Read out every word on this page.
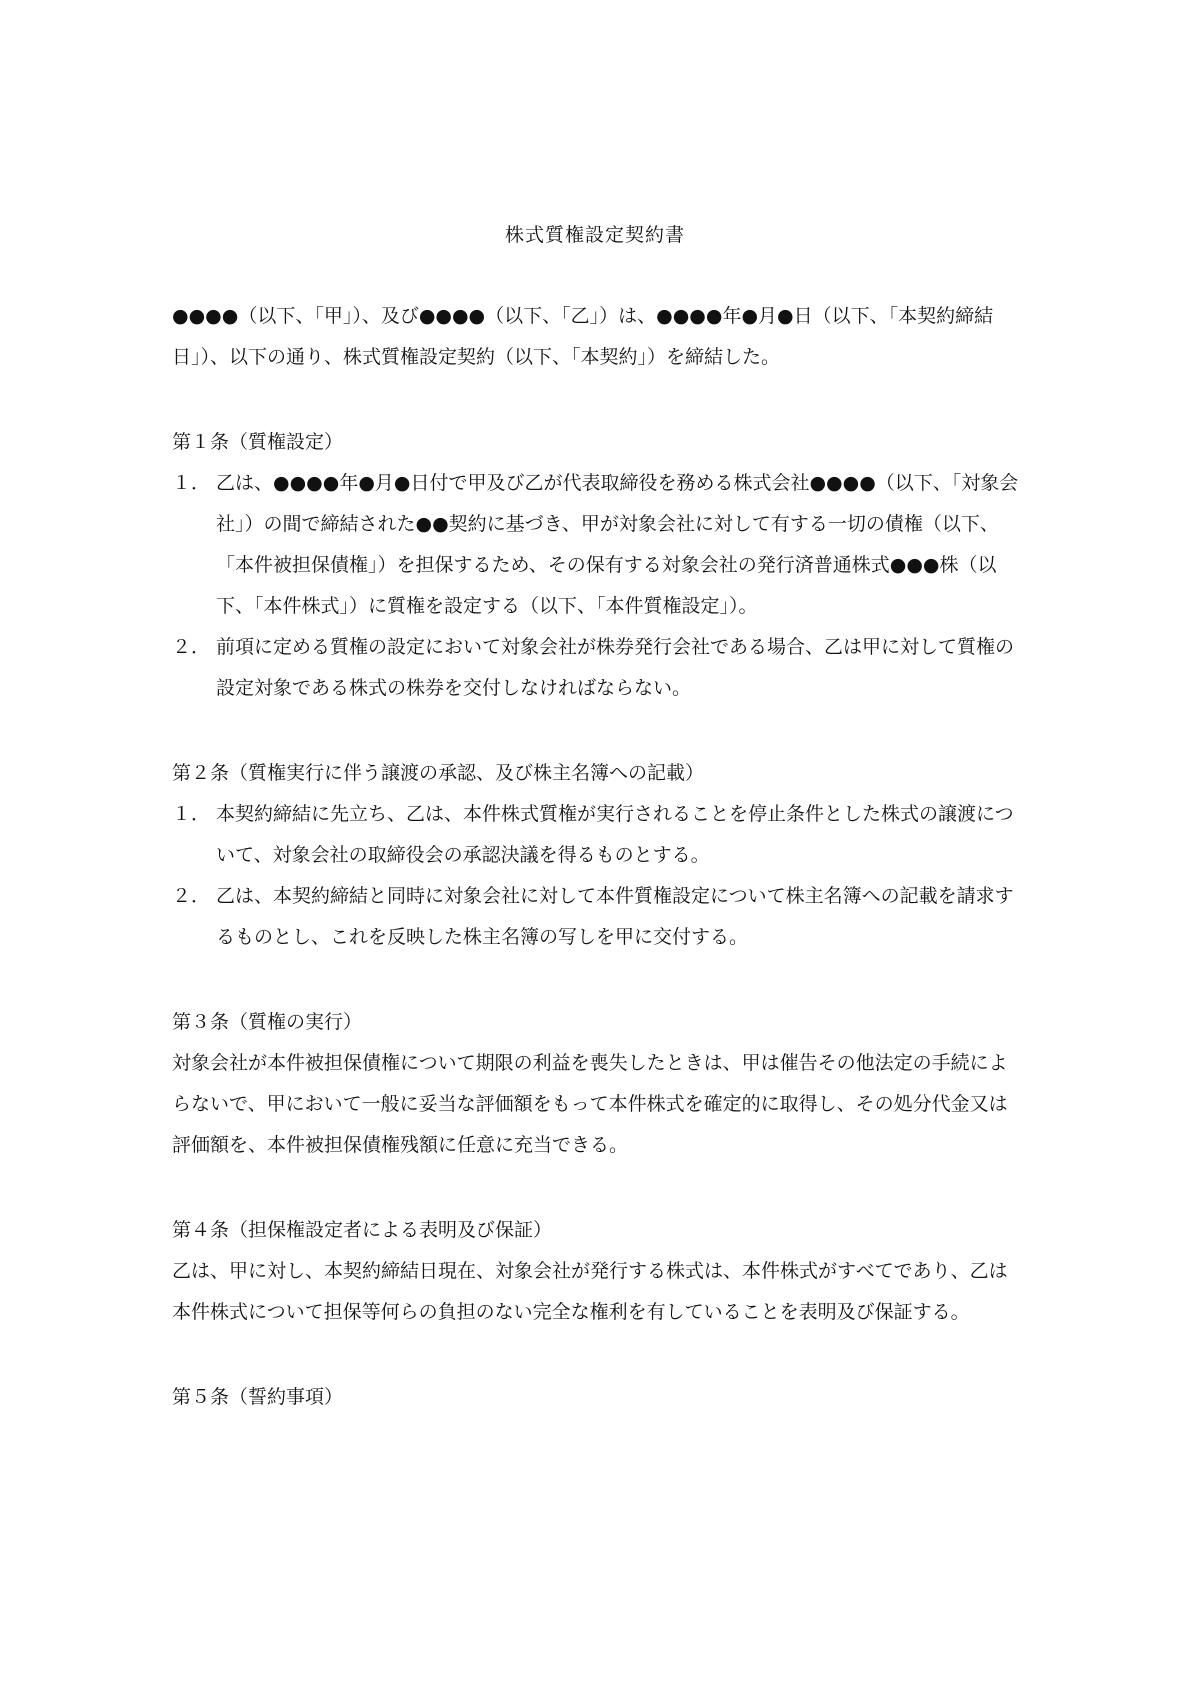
株式質権設定契約書

●●●●（以下、「甲」）、及び●●●●（以下、「乙」）は、●●●●年●月●日（以下、「本契約締結日」）、以下の通り、株式質権設定契約（以下、「本契約」）を締結した。

第１条（質権設定）

１． 乙は、●●●●年●月●日付で甲及び乙が代表取締役を務める株式会社●●●●（以下、「対象会社」）の間で締結された●●契約に基づき、甲が対象会社に対して有する一切の債権（以下、「本件被担保債権」）を担保するため、その保有する対象会社の発行済普通株式●●●株（以下、「本件株式」）に質権を設定する（以下、「本件質権設定」）。
２． 前項に定める質権の設定において対象会社が株券発行会社である場合、乙は甲に対して質権の設定対象である株式の株券を交付しなければならない。

第２条（質権実行に伴う譲渡の承認、及び株主名簿への記載）

１． 本契約締結に先立ち、乙は、本件株式質権が実行されることを停止条件とした株式の譲渡について、対象会社の取締役会の承認決議を得るものとする。
２． 乙は、本契約締結と同時に対象会社に対して本件質権設定について株主名簿への記載を請求するものとし、これを反映した株主名簿の写しを甲に交付する。

第３条（質権の実行）

対象会社が本件被担保債権について期限の利益を喪失したときは、甲は催告その他法定の手続によらないで、甲において一般に妥当な評価額をもって本件株式を確定的に取得し、その処分代金又は評価額を、本件被担保債権残額に任意に充当できる。

第４条（担保権設定者による表明及び保証）

乙は、甲に対し、本契約締結日現在、対象会社が発行する株式は、本件株式がすべてであり、乙は本件株式について担保等何らの負担のない完全な権利を有していることを表明及び保証する。

第５条（誓約事項）
